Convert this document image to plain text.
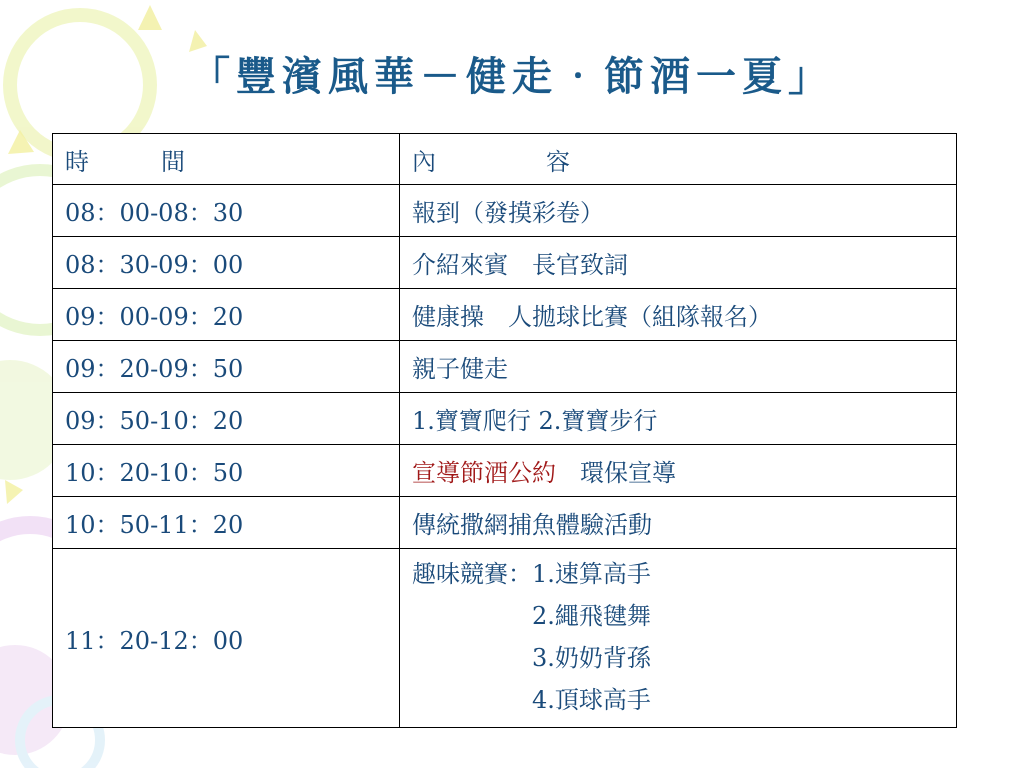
「豐濱風華－健走‧節酒一夏」
時 間	內 容
08：00-08：30	報到（發摸彩卷）
08：30-09：00	介紹來賓　長官致詞
09：00-09：20	健康操　人拋球比賽（組隊報名）
09：20-09：50	親子健走
09：50-10：20	1.寶寶爬行 2.寶寶步行
10：20-10：50	宣導節酒公約　環保宣導
10：50-11：20	傳統撒網捕魚體驗活動
11：20-12：00	趣味競賽： 1.速算高手
2.繩飛毽舞
3.奶奶背孫
4.頂球高手
